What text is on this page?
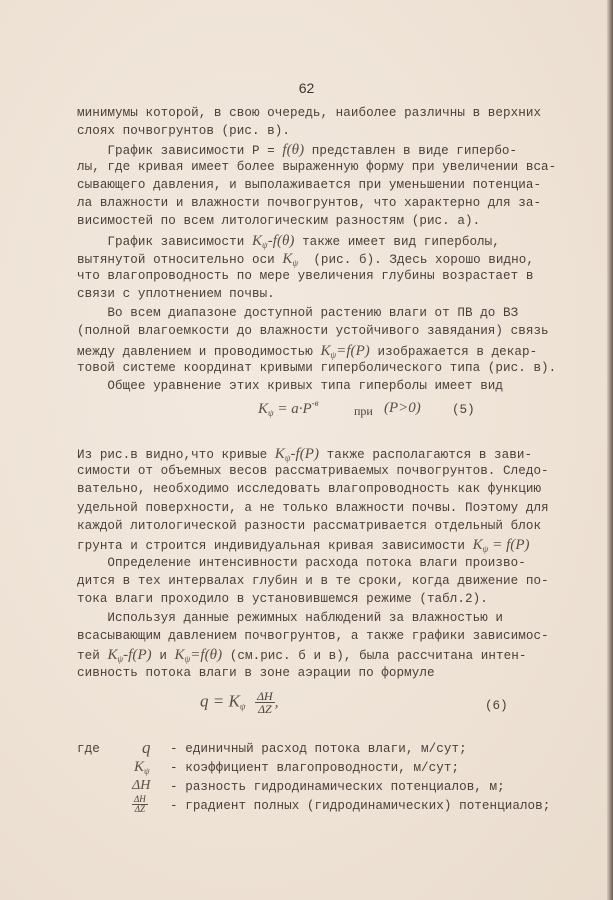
62
минимумы которой, в свою очередь, наиболее различны в верхних
слоях почвогрунтов (рис. в).
График зависимости Р = f(θ) представлен в виде гипербо-
лы, где кривая имеет более выраженную форму при увеличении вса-
сывающего давления, и выполаживается при уменьшении потенциа-
ла влажности и влажности почвогрунтов, что характерно для за-
висимостей по всем литологическим разностям (рис. а).
График зависимости $K_\psi-f(\theta)$ также имеет вид гиперболы,
вытянутой относительно оси $K_\psi$  (рис. б). Здесь хорошо видно,
что влагопроводность по мере увеличения глубины возрастает в
связи с уплотнением почвы.
Во всем диапазоне доступной растению влаги от ПВ до ВЗ
(полной влагоемкости до влажности устойчивого завядания) связь
между давлением и проводимостью $K_\psi=f(P)$ изображается в декар-
товой системе координат кривыми гиперболического типа (рис. в).
Общее уравнение этих кривых типа гиперболы имеет вид
$K_\psi = a\cdot P^{-в}$
при (P>0) (5)
Из рис.в видно,что кривые $K_\psi-f(P)$ также располагаются в зави-
симости от объемных весов рассматриваемых почвогрунтов. Следо-
вательно, необходимо исследовать влагопроводность как функцию
удельной поверхности, а не только влажности почвы. Поэтому для
каждой литологической разности рассматривается отдельный блок
грунта и строится индивидуальная кривая зависимости $K_\psi = f(P)$
Определение интенсивности расхода потока влаги произво-
дится в тех интервалах глубин и в те сроки, когда движение по-
тока влаги проходило в установившемся режиме (табл.2).
Используя данные режимных наблюдений за влажностью и
всасывающим давлением почвогрунтов, а также графики зависимос-
тей $K_\psi-f(P)$ и $K_\psi=f(\theta)$ (см.рис. б и в), была рассчитана интен-
сивность потока влаги в зоне аэрации по формуле
$q = K_\psi \frac{\Delta H}{\Delta Z}$ ,	(6)
где q - единичный расход потока влаги, м/сут;
$K_\psi$ - коэффициент влагопроводности, м/сут;
ΔH - разность гидродинамических потенциалов, м;
$\frac{\Delta H}{\Delta Z}$ - градиент полных (гидродинамических) потенциалов;
